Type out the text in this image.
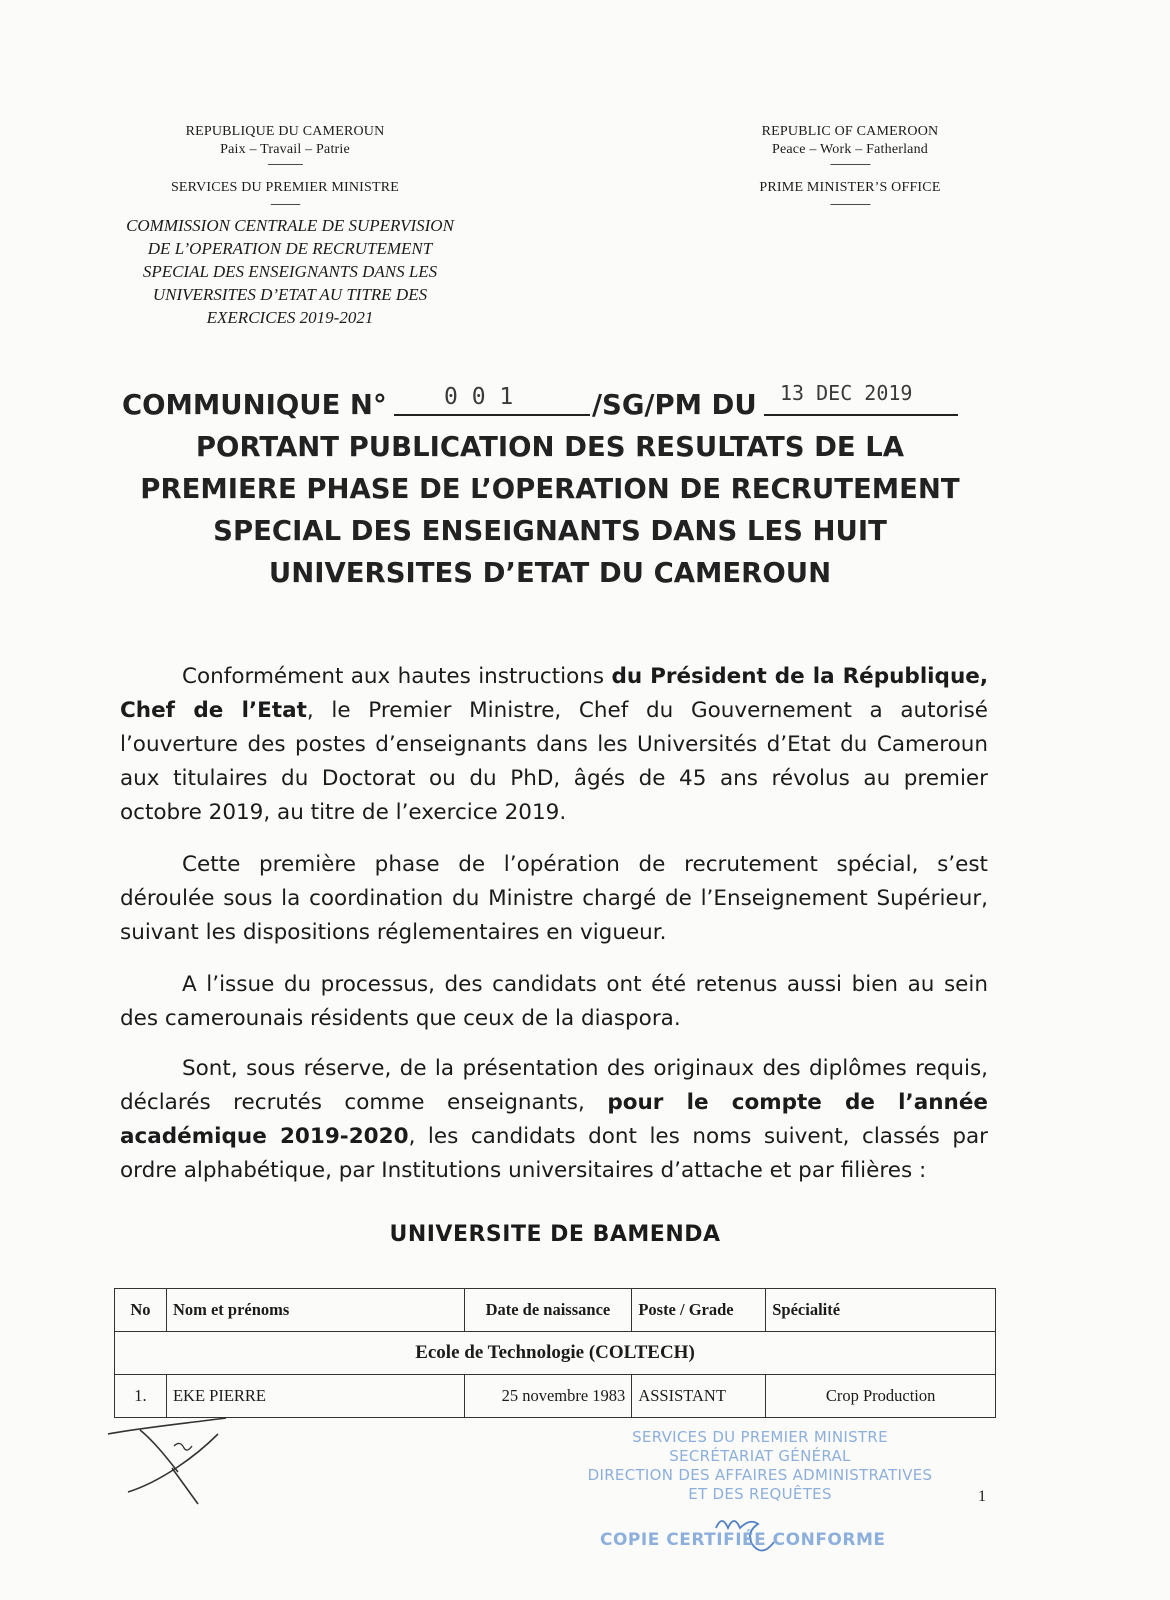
REPUBLIQUE DU CAMEROUN
Paix – Travail – Patrie
-------------
SERVICES DU PREMIER MINISTRE
-----------
COMMISSION CENTRALE DE SUPERVISION
DE L’OPERATION DE RECRUTEMENT
SPECIAL DES ENSEIGNANTS DANS LES
UNIVERSITES D’ETAT AU TITRE DES
EXERCICES 2019-2021
REPUBLIC OF CAMEROON
Peace – Work – Fatherland
---------------
PRIME MINISTER’S OFFICE
---------------
COMMUNIQUE N° 0 0 1	/SG/PM DU 13 DEC 2019
PORTANT PUBLICATION DES RESULTATS DE LA
PREMIERE PHASE DE L’OPERATION DE RECRUTEMENT
SPECIAL DES ENSEIGNANTS DANS LES HUIT
UNIVERSITES D’ETAT DU CAMEROUN
Conformément aux hautes instructions du Président de la République, Chef de l’Etat, le Premier Ministre, Chef du Gouvernement a autorisé l’ouverture des postes d’enseignants dans les Universités d’Etat du Cameroun aux titulaires du Doctorat ou du PhD, âgés de 45 ans révolus au premier octobre 2019, au titre de l’exercice 2019.
Cette première phase de l’opération de recrutement spécial, s’est déroulée sous la coordination du Ministre chargé de l’Enseignement Supérieur, suivant les dispositions réglementaires en vigueur.
A l’issue du processus, des candidats ont été retenus aussi bien au sein des camerounais résidents que ceux de la diaspora.
Sont, sous réserve, de la présentation des originaux des diplômes requis, déclarés recrutés comme enseignants, pour le compte de l’année académique 2019-2020, les candidats dont les noms suivent, classés par ordre alphabétique, par Institutions universitaires d’attache et par filières :
UNIVERSITE DE BAMENDA
No	Nom et prénoms	Date de naissance	Poste / Grade	Spécialité
Ecole de Technologie (COLTECH)				
1.	EKE PIERRE	25 novembre 1983	ASSISTANT	Crop Production
SERVICES DU PREMIER MINISTRE
SECRÉTARIAT GÉNÉRAL
DIRECTION DES AFFAIRES ADMINISTRATIVES
ET DES REQUÊTES
COPIE CERTIFIÉE CONFORME
1
